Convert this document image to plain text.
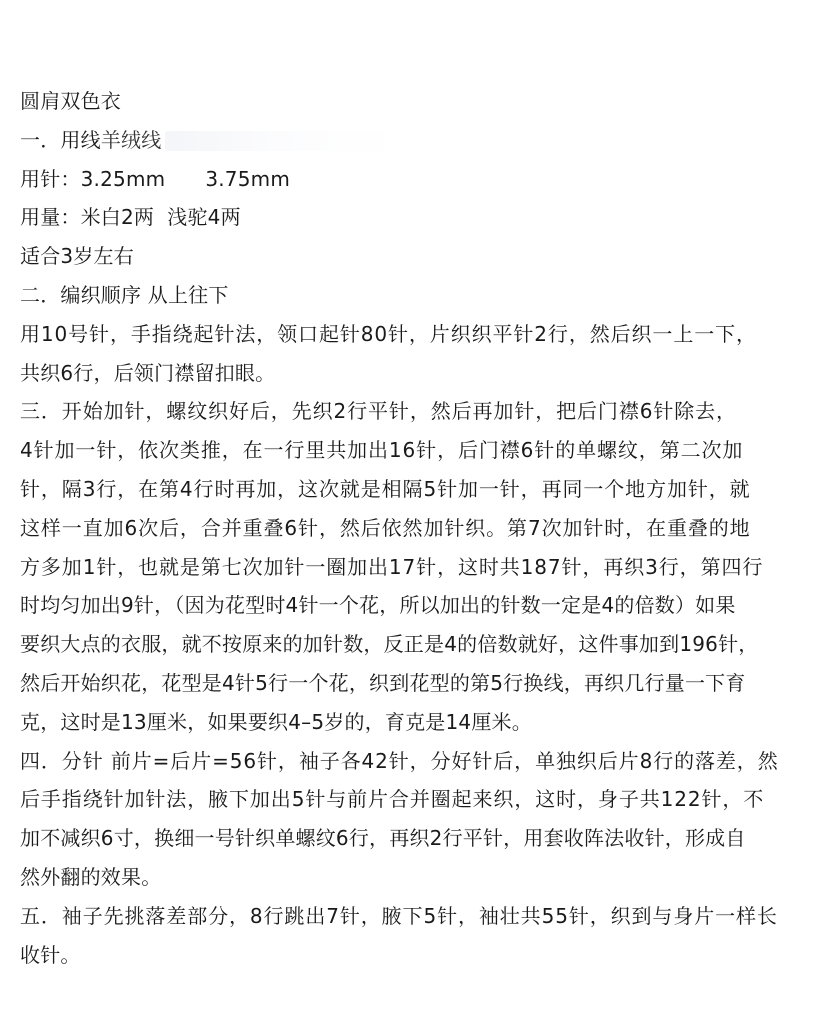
圆肩双色衣
一．用线羊绒线
用针：3.25mm 3.75mm
用量：米白2两  浅驼4两
适合3岁左右
二．编织顺序 从上往下
用10号针，手指绕起针法，领口起针80针，片织织平针2行，然后织一上一下，
共织6行，后领门襟留扣眼。
三．开始加针，螺纹织好后，先织2行平针，然后再加针，把后门襟6针除去，
4针加一针，依次类推，在一行里共加出16针，后门襟6针的单螺纹，第二次加
针，隔3行，在第4行时再加，这次就是相隔5针加一针，再同一个地方加针，就
这样一直加6次后，合并重叠6针，然后依然加针织。第7次加针时，在重叠的地
方多加1针，也就是第七次加针一圈加出17针，这时共187针，再织3行，第四行
时均匀加出9针，（因为花型时4针一个花，所以加出的针数一定是4的倍数）如果
要织大点的衣服，就不按原来的加针数，反正是4的倍数就好，这件事加到196针，
然后开始织花，花型是4针5行一个花，织到花型的第5行换线，再织几行量一下育
克，这时是13厘米，如果要织4–5岁的，育克是14厘米。
四．分针 前片=后片=56针，袖子各42针，分好针后，单独织后片8行的落差，然
后手指绕针加针法，腋下加出5针与前片合并圈起来织，这时，身子共122针，不
加不减织6寸，换细一号针织单螺纹6行，再织2行平针，用套收阵法收针，形成自
然外翻的效果。
五．袖子先挑落差部分，8行跳出7针，腋下5针，袖壮共55针，织到与身片一样长
收针。
